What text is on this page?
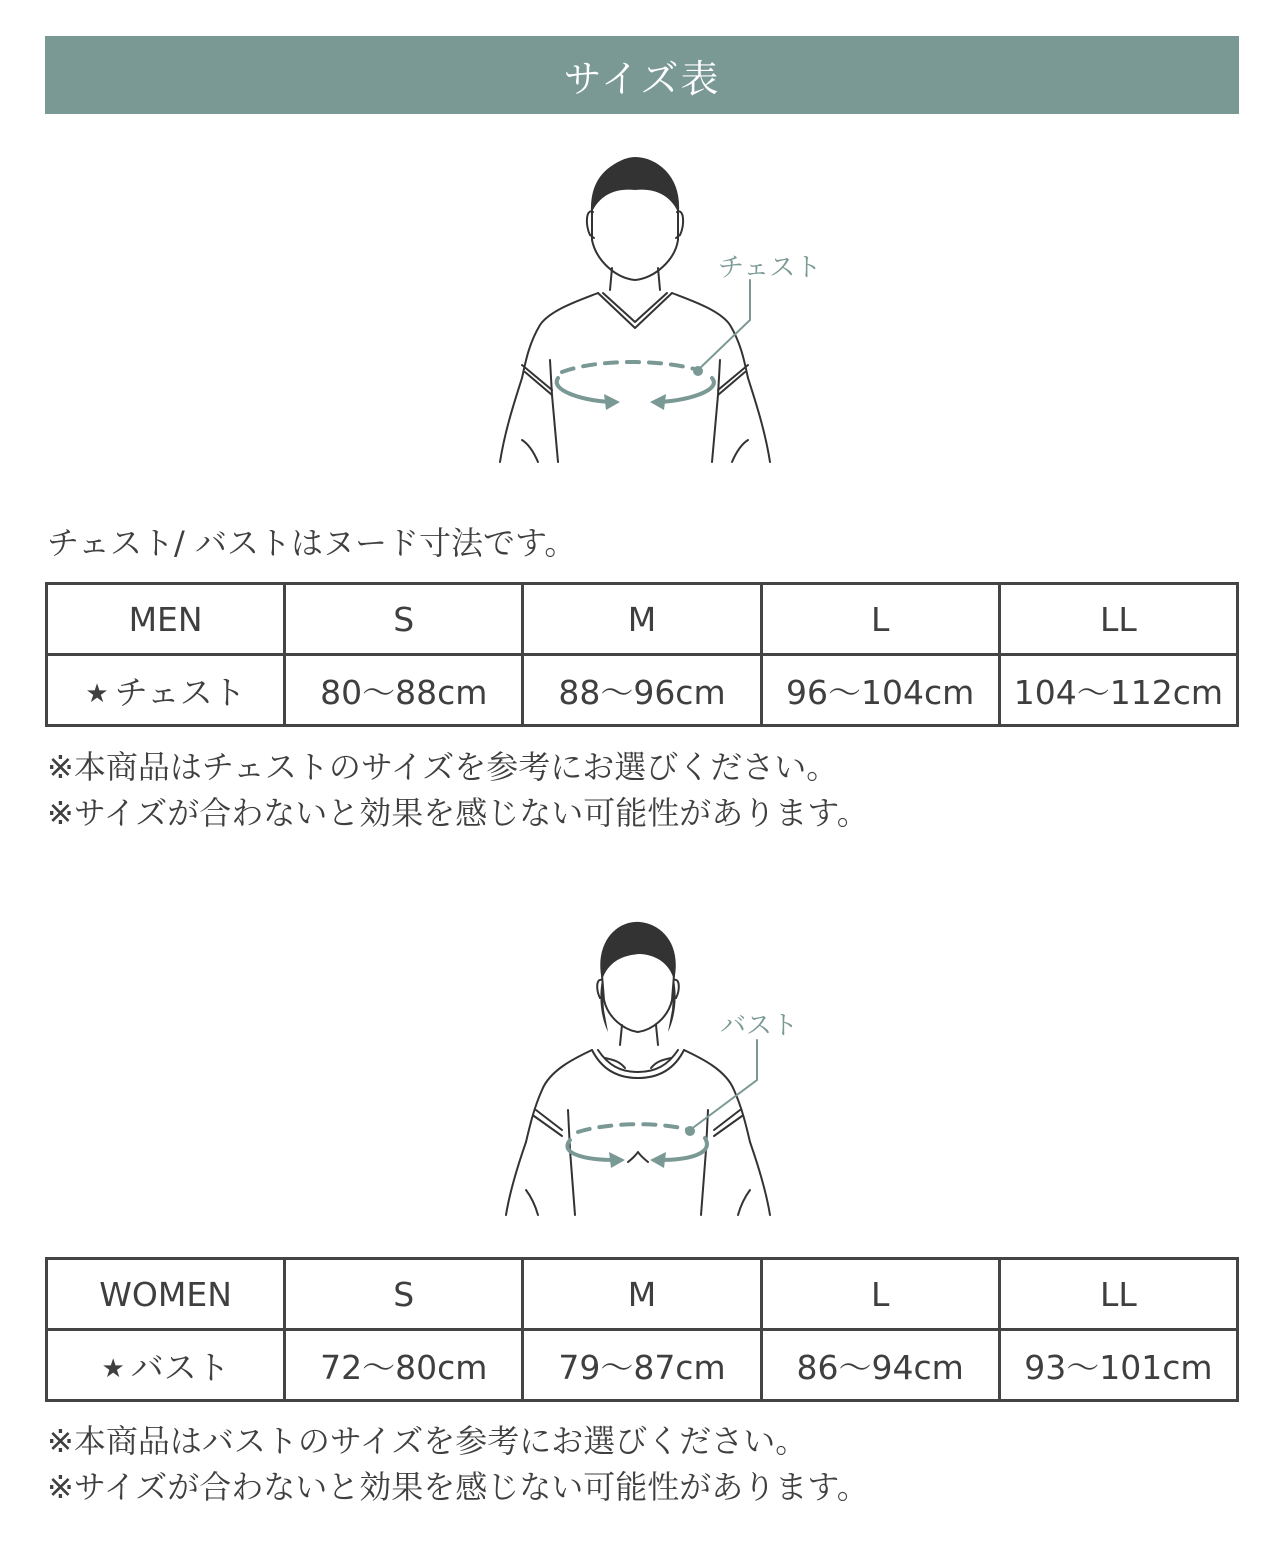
サイズ表
チェスト
チェスト/ バストはヌード寸法です。
MEN	S	M	L	LL
★ チェスト	80〜88cm	88〜96cm	96〜104cm	104〜112cm
※本商品はチェストのサイズを参考にお選びください。
※サイズが合わないと効果を感じない可能性があります。
バスト
WOMEN	S	M	L	LL
★ バスト	72〜80cm	79〜87cm	86〜94cm	93〜101cm
※本商品はバストのサイズを参考にお選びください。
※サイズが合わないと効果を感じない可能性があります。
